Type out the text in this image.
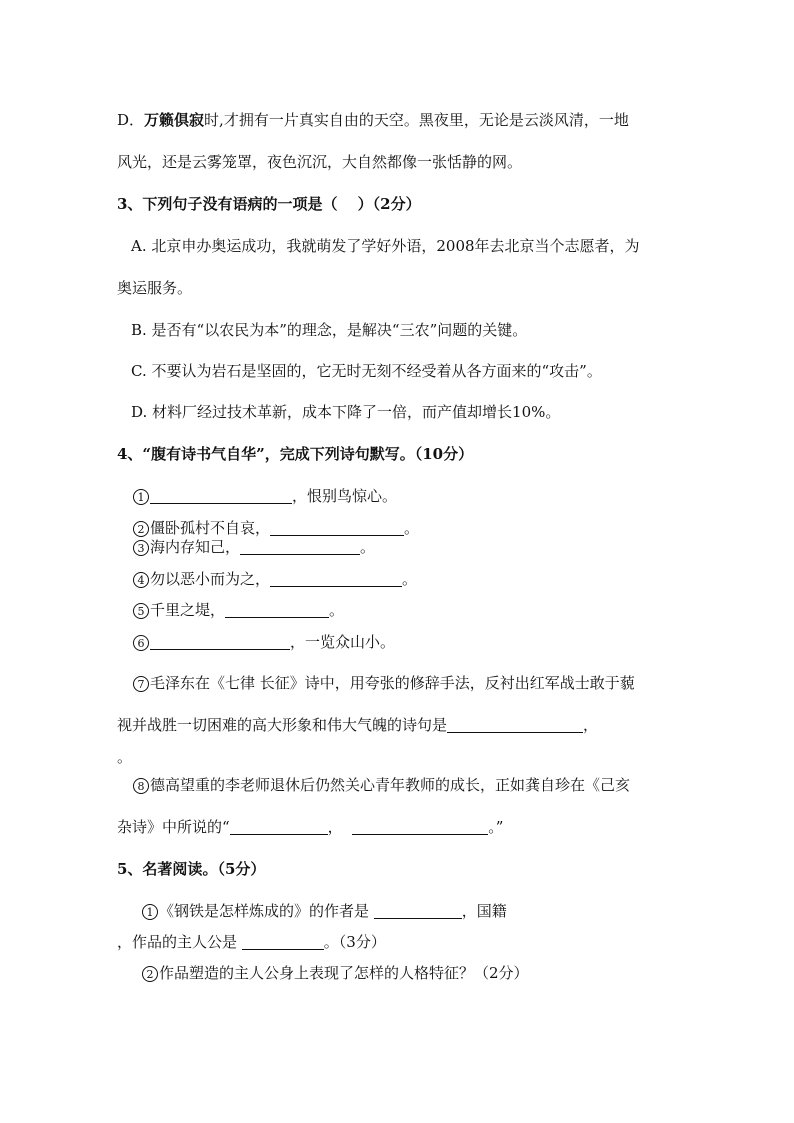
D．万籁俱寂时,才拥有一片真实自由的天空。黑夜里，无论是云淡风清，一地
风光，还是云雾笼罩，夜色沉沉，大自然都像一张恬静的网。
3、下列句子没有语病的一项是（　 ）（2分）
A. 北京申办奥运成功，我就萌发了学好外语，2008年去北京当个志愿者，为
奥运服务。
B. 是否有“以农民为本”的理念，是解决“三农”问题的关键。
C. 不要认为岩石是坚固的，它无时无刻不经受着从各方面来的“攻击”。
D. 材料厂经过技术革新，成本下降了一倍，而产值却增长10%。
4、“腹有诗书气自华”，完成下列诗句默写。（10分）
1	，恨别鸟惊心。
2 僵卧孤村不自哀，	。
3 海内存知己，	。
4 勿以恶小而为之，	。
5 千里之堤，	。
6	，一览众山小。
7 毛泽东在《七律 长征》诗中，用夸张的修辞手法，反衬出红军战士敢于藐
视并战胜一切困难的高大形象和伟大气魄的诗句是	，
。
8 德高望重的李老师退休后仍然关心青年教师的成长，正如龚自珍在《己亥
杂诗》中所说的“	，	。”
5、名著阅读。（5分）
1 《钢铁是怎样炼成的》的作者是	，国籍
，作品的主人公是	。（3分）
2 作品塑造的主人公身上表现了怎样的人格特征？（2分）
